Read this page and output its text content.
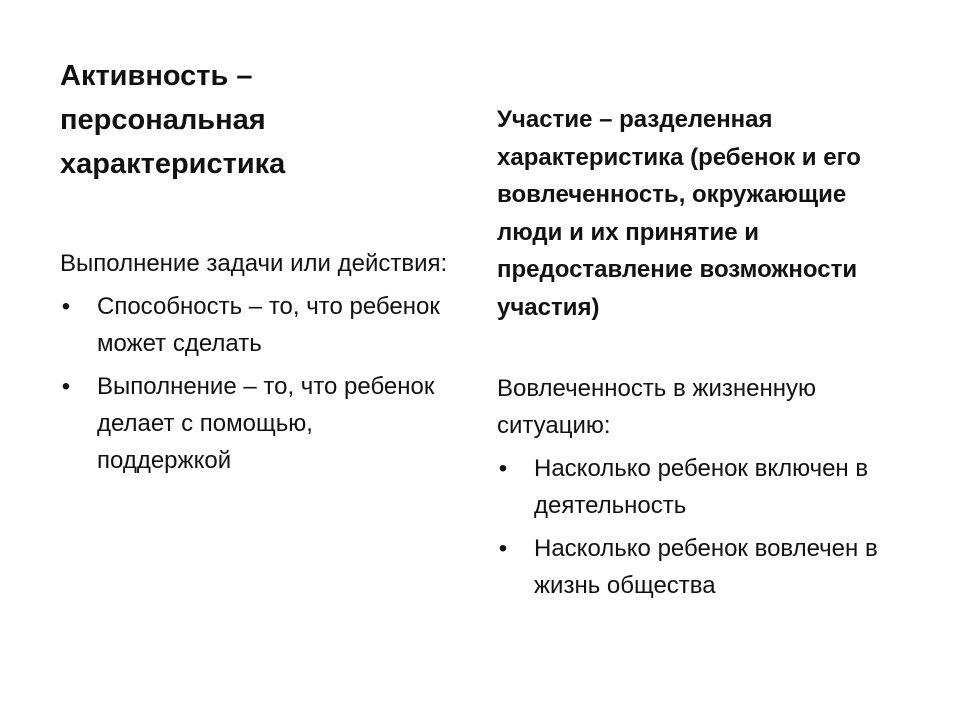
Активность – персональная характеристика

Выполнение задачи или действия:

• Способность – то, что ребенок может сделать
• Выполнение – то, что ребенок делает с помощью, поддержкой
Участие – разделенная характеристика (ребенок и его вовлеченность, окружающие люди и их принятие и предоставление возможности участия)

Вовлеченность в жизненную ситуацию:

• Насколько ребенок включен в деятельность
• Насколько ребенок вовлечен в жизнь общества
